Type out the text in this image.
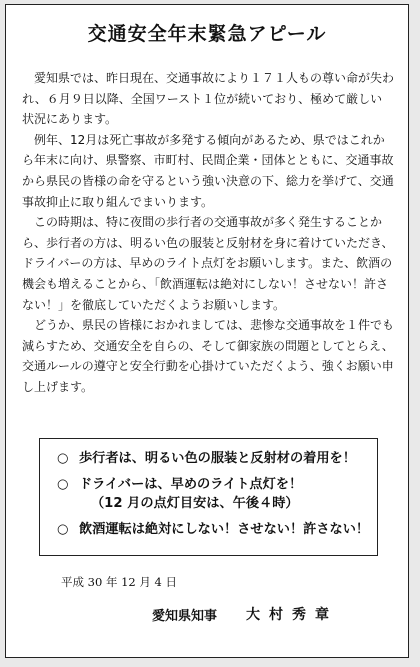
交通安全年末緊急アピール

愛知県では、昨日現在、交通事故により１７１人もの尊い命が失われ、６月９日以降、全国ワースト１位が続いており、極めて厳しい状況にあります。

例年、12月は死亡事故が多発する傾向があるため、県ではこれから年末に向け、県警察、市町村、民間企業・団体とともに、交通事故から県民の皆様の命を守るという強い決意の下、総力を挙げて、交通事故抑止に取り組んでまいります。

この時期は、特に夜間の歩行者の交通事故が多く発生することから、歩行者の方は、明るい色の服装と反射材を身に着けていただき、ドライバーの方は、早めのライト点灯をお願いします。また、飲酒の機会も増えることから、「飲酒運転は絶対にしない！させない！許さない！」を徹底していただくようお願いします。

どうか、県民の皆様におかれましては、悲惨な交通事故を１件でも減らすため、交通安全を自らの、そして御家族の問題としてとらえ、交通ルールの遵守と安全行動を心掛けていただくよう、強くお願い申し上げます。

○ 歩行者は、明るい色の服装と反射材の着用を！
○ ドライバーは、早めのライト点灯を！
（12 月の点灯目安は、午後４時）
○ 飲酒運転は絶対にしない！させない！許さない！
平成 30 年 12 月 4 日
愛知県知事 大村秀章
